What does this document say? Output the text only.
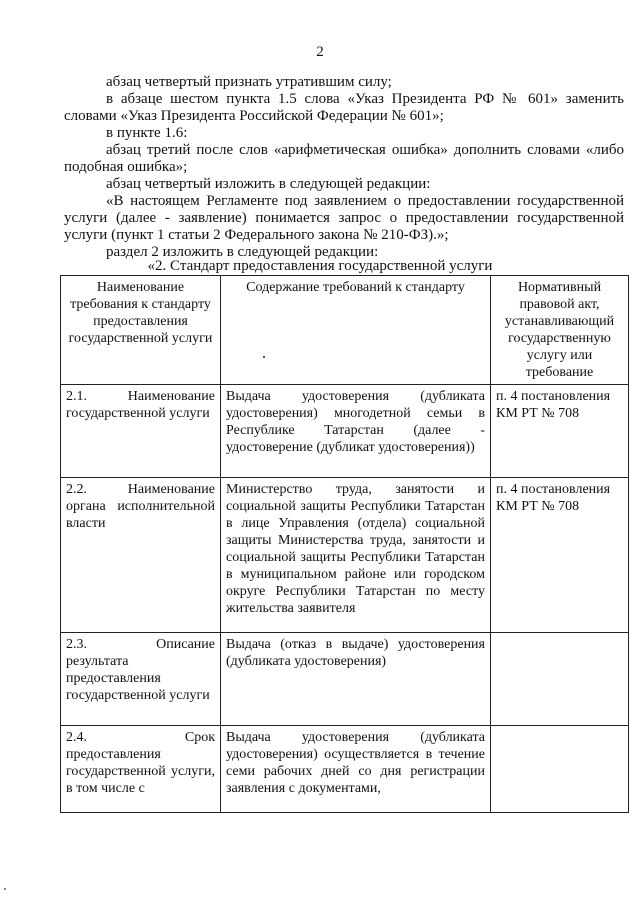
2

абзац четвертый признать утратившим силу;

в абзаце шестом пункта 1.5 слова «Указ Президента РФ № 601» заменить словами «Указ Президента Российской Федерации № 601»;

в пункте 1.6:

абзац третий после слов «арифметическая ошибка» дополнить словами «либо подобная ошибка»;

абзац четвертый изложить в следующей редакции:

«В настоящем Регламенте под заявлением о предоставлении государственной услуги (далее - заявление) понимается запрос о предоставлении государственной услуги (пункт 1 статьи 2 Федерального закона № 210-ФЗ).»;

раздел 2 изложить в следующей редакции:

«2. Стандарт предоставления государственной услуги
Наименование требования к стандарту предоставления государственной услуги	Содержание требований к стандарту	Нормативный правовой акт, устанавливающий государственную услугу или требование
2.1. Наименование государственной услуги	Выдача удостоверения (дубликата удостоверения) многодетной семьи в Республике Татарстан (далее - удостоверение (дубликат удостоверения))	п. 4 постановления КМ РТ № 708
2.2. Наименование органа исполнительной власти	Министерство труда, занятости и социальной защиты Республики Татарстан в лице Управления (отдела) социальной защиты Министерства труда, занятости и социальной защиты Республики Татарстан в муниципальном районе или городском округе Республики Татарстан по месту жительства заявителя	п. 4 постановления КМ РТ № 708
2.3. Описание результата предоставления государственной услуги	Выдача (отказ в выдаче) удостоверения (дубликата удостоверения)	
2.4. Срок предоставления государственной услуги, в том числе с	Выдача удостоверения (дубликата удостоверения) осуществляется в течение семи рабочих дней со дня регистрации заявления с документами,	
